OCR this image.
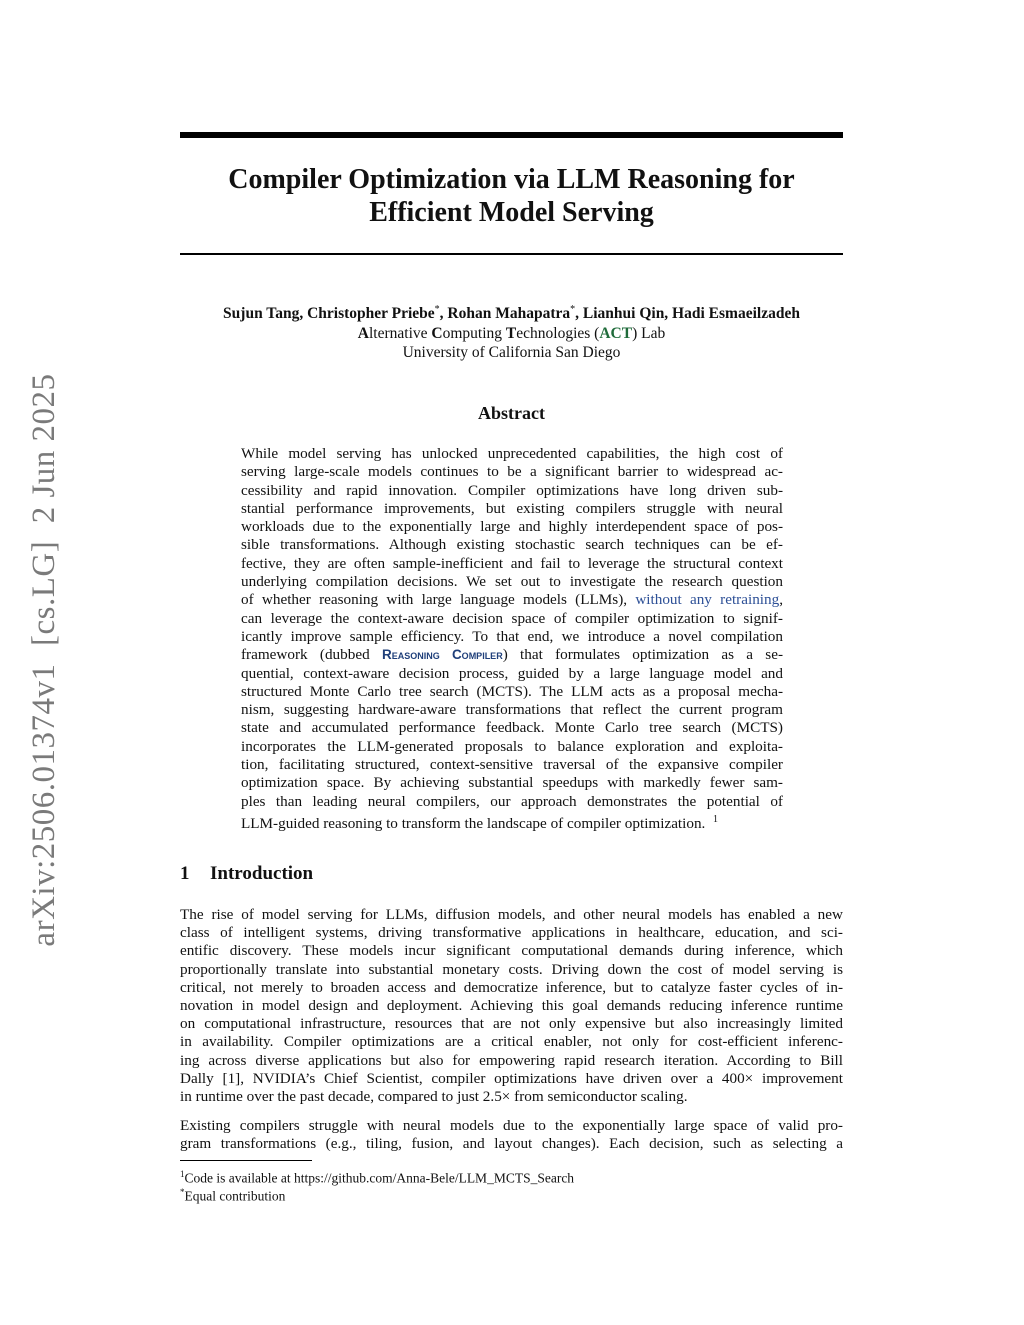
arXiv:2506.01374v1  [cs.LG]  2 Jun 2025
Compiler Optimization via LLM Reasoning for
Efficient Model Serving
Sujun Tang, Christopher Priebe*, Rohan Mahapatra*, Lianhui Qin, Hadi Esmaeilzadeh
Alternative Computing Technologies (ACT) Lab
University of California San Diego
Abstract
While model serving has unlocked unprecedented capabilities, the high cost of
serving large-scale models continues to be a significant barrier to widespread ac-
cessibility and rapid innovation. Compiler optimizations have long driven sub-
stantial performance improvements, but existing compilers struggle with neural
workloads due to the exponentially large and highly interdependent space of pos-
sible transformations. Although existing stochastic search techniques can be ef-
fective, they are often sample-inefficient and fail to leverage the structural context
underlying compilation decisions. We set out to investigate the research question
of whether reasoning with large language models (LLMs), without any retraining,
can leverage the context-aware decision space of compiler optimization to signif-
icantly improve sample efficiency. To that end, we introduce a novel compilation
framework (dubbed Reasoning Compiler) that formulates optimization as a se-
quential, context-aware decision process, guided by a large language model and
structured Monte Carlo tree search (MCTS). The LLM acts as a proposal mecha-
nism, suggesting hardware-aware transformations that reflect the current program
state and accumulated performance feedback. Monte Carlo tree search (MCTS)
incorporates the LLM-generated proposals to balance exploration and exploita-
tion, facilitating structured, context-sensitive traversal of the expansive compiler
optimization space. By achieving substantial speedups with markedly fewer sam-
ples than leading neural compilers, our approach demonstrates the potential of
LLM-guided reasoning to transform the landscape of compiler optimization. $^1$
1 Introduction
The rise of model serving for LLMs, diffusion models, and other neural models has enabled a new
class of intelligent systems, driving transformative applications in healthcare, education, and sci-
entific discovery. These models incur significant computational demands during inference, which
proportionally translate into substantial monetary costs. Driving down the cost of model serving is
critical, not merely to broaden access and democratize inference, but to catalyze faster cycles of in-
novation in model design and deployment. Achieving this goal demands reducing inference runtime
on computational infrastructure, resources that are not only expensive but also increasingly limited
in availability. Compiler optimizations are a critical enabler, not only for cost-efficient inferenc-
ing across diverse applications but also for empowering rapid research iteration. According to Bill
Dally [1], NVIDIA’s Chief Scientist, compiler optimizations have driven over a 400× improvement
in runtime over the past decade, compared to just 2.5× from semiconductor scaling.
Existing compilers struggle with neural models due to the exponentially large space of valid pro-
gram transformations (e.g., tiling, fusion, and layout changes). Each decision, such as selecting a
$^1$Code is available at https://github.com/Anna-Bele/LLM_MCTS_Search
*Equal contribution
